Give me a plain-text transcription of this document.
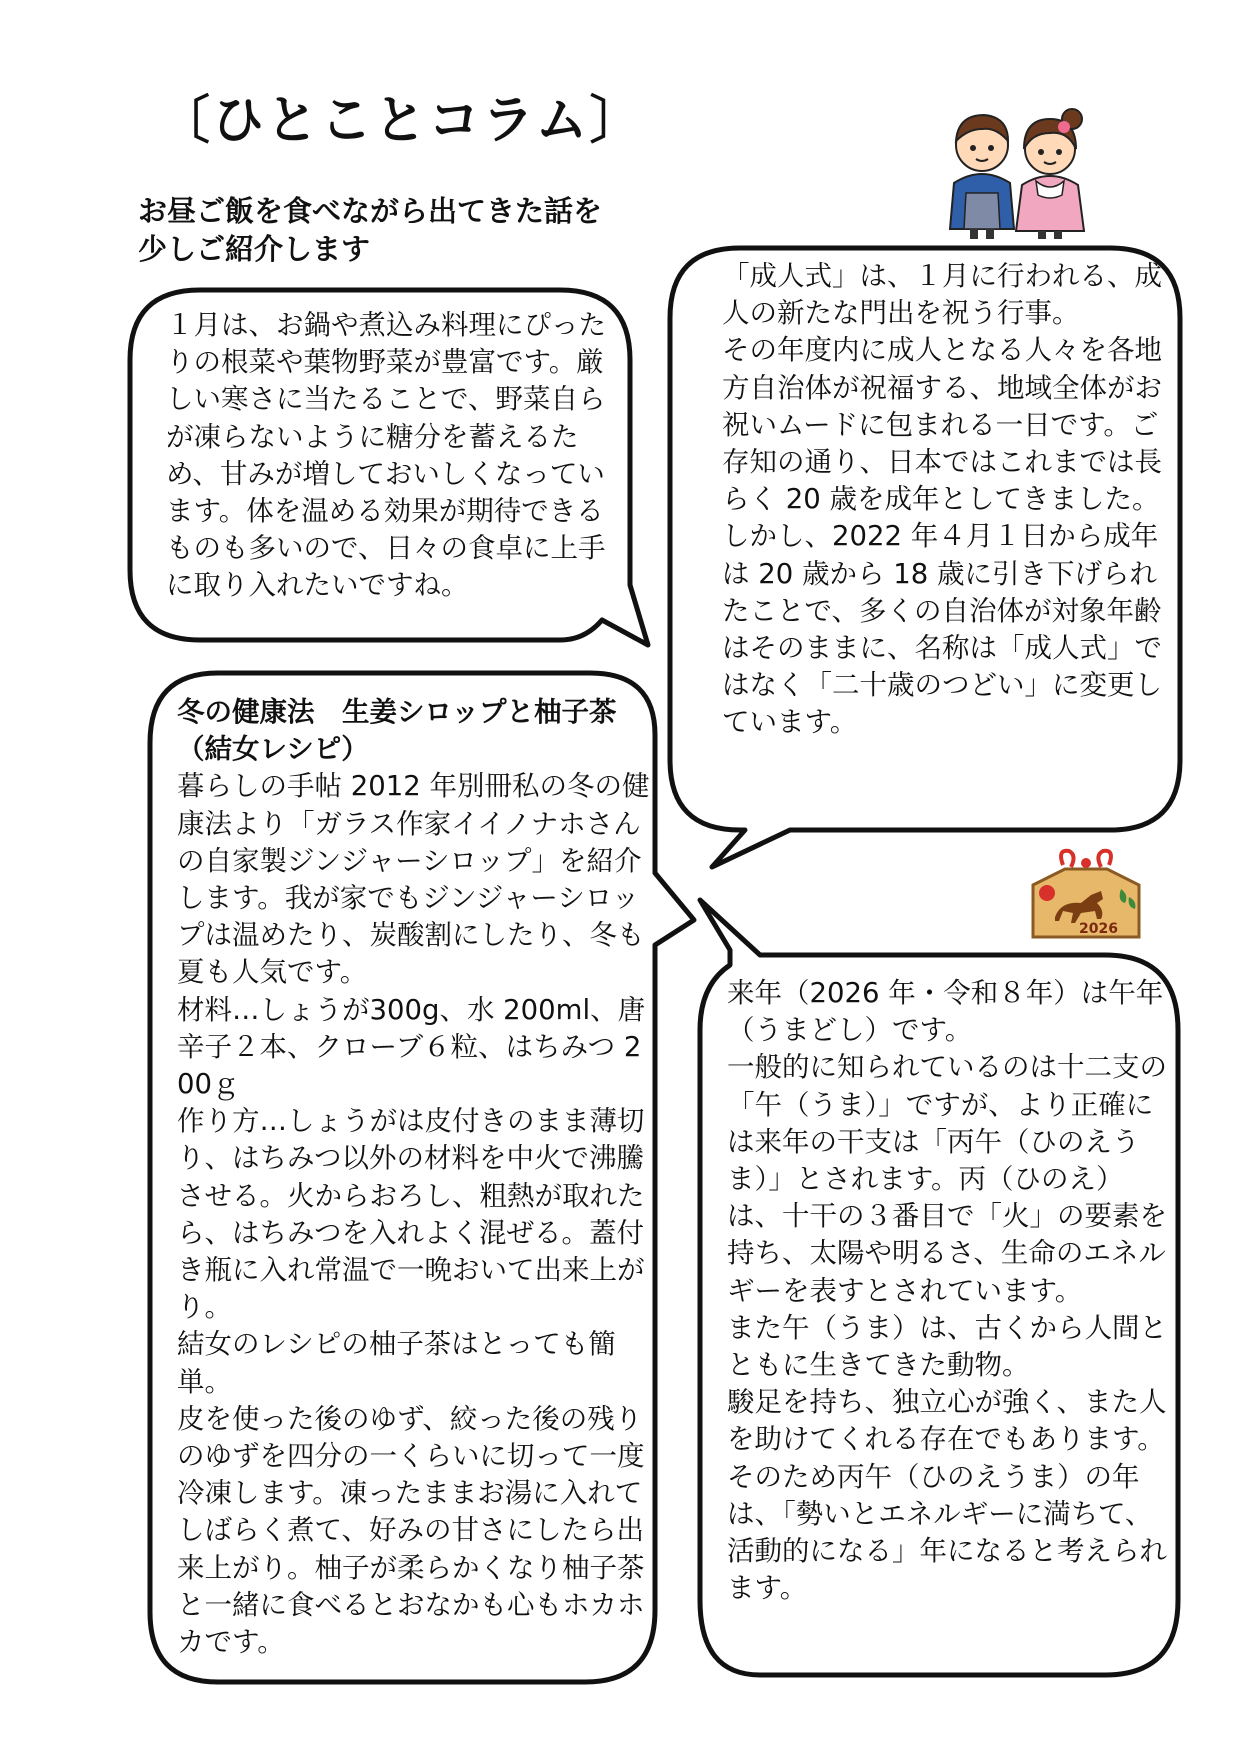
〔ひとことコラム〕
お昼ご飯を食べながら出てきた話を
少しご紹介します
2026
１月は、お鍋や煮込み料理にぴったりの根菜や葉物野菜が豊富です。厳しい寒さに当たることで、野菜自らが凍らないように糖分を蓄えるため、甘みが増しておいしくなっています。体を温める効果が期待できるものも多いので、日々の食卓に上手に取り入れたいですね。
「成人式」は、１月に行われる、成人の新たな門出を祝う行事。
その年度内に成人となる人々を各地方自治体が祝福する、地域全体がお祝いムードに包まれる一日です。ご存知の通り、日本ではこれまでは長らく 20 歳を成年としてきました。しかし、2022 年４月１日から成年は 20 歳から 18 歳に引き下げられたことで、多くの自治体が対象年齢はそのままに、名称は「成人式」ではなく「二十歳のつどい」に変更しています。
冬の健康法　生姜シロップと柚子茶
（結女レシピ）
暮らしの手帖 2012 年別冊私の冬の健康法より「ガラス作家イイノナホさんの自家製ジンジャーシロップ」を紹介します。我が家でもジンジャーシロップは温めたり、炭酸割にしたり、冬も夏も人気です。
材料…しょうが300g、水 200ml、唐辛子２本、クローブ６粒、はちみつ 200ｇ
作り方…しょうがは皮付きのまま薄切り、はちみつ以外の材料を中火で沸騰させる。火からおろし、粗熱が取れたら、はちみつを入れよく混ぜる。蓋付き瓶に入れ常温で一晩おいて出来上がり。
結女のレシピの柚子茶はとっても簡単。
皮を使った後のゆず、絞った後の残りのゆずを四分の一くらいに切って一度冷凍します。凍ったままお湯に入れてしばらく煮て、好みの甘さにしたら出来上がり。柚子が柔らかくなり柚子茶と一緒に食べるとおなかも心もホカホカです。
来年（2026 年・令和８年）は午年（うまどし）です。
一般的に知られているのは十二支の「午（うま）」ですが、より正確には来年の干支は「丙午（ひのえうま）」とされます。丙（ひのえ）は、十干の３番目で「火」の要素を持ち、太陽や明るさ、生命のエネルギーを表すとされています。
また午（うま）は、古くから人間とともに生きてきた動物。
駿足を持ち、独立心が強く、また人を助けてくれる存在でもあります。そのため丙午（ひのえうま）の年は、「勢いとエネルギーに満ちて、活動的になる」年になると考えられます。
